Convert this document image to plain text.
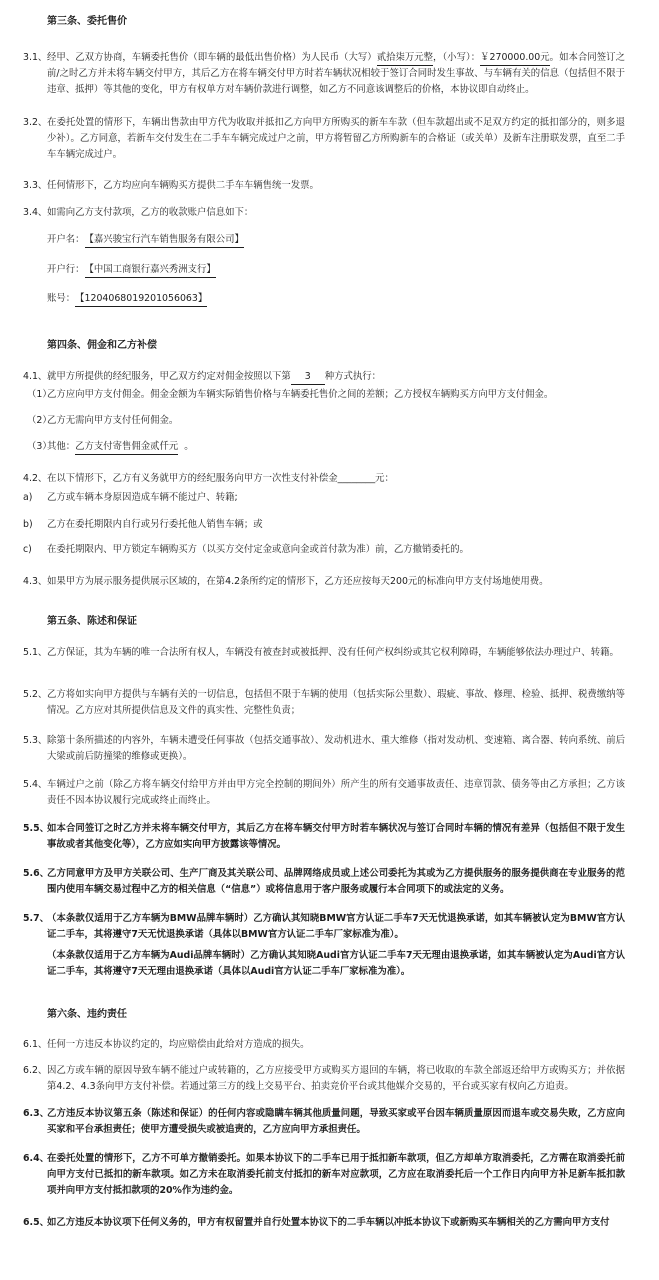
第三条、委托售价
3.1、 经甲、乙双方协商，车辆委托售价（即车辆的最低出售价格）为人民币（大写）贰拾柒万元整，（小写）：￥270000.00元。如本合同签订之前/之时乙方并未将车辆交付甲方，其后乙方在将车辆交付甲方时若车辆状况相较于签订合同时发生事故、与车辆有关的信息（包括但不限于违章、抵押）等其他的变化，甲方有权单方对车辆价款进行调整，如乙方不同意该调整后的价格，本协议即自动终止。
3.2、 在委托处置的情形下，车辆出售款由甲方代为收取并抵扣乙方向甲方所购买的新车车款（但车款超出或不足双方约定的抵扣部分的，则多退少补）。乙方同意，若新车交付发生在二手车车辆完成过户之前，甲方将暂留乙方所购新车的合格证（或关单）及新车注册联发票，直至二手车车辆完成过户。
3.3、 任何情形下，乙方均应向车辆购买方提供二手车车辆售统一发票。
3.4、 如需向乙方支付款项，乙方的收款账户信息如下：
开户名：【嘉兴骏宝行汽车销售服务有限公司】
开户行：【中国工商银行嘉兴秀洲支行】
账号：【1204068019201056063】
第四条、佣金和乙方补偿
4.1、 就甲方所提供的经纪服务，甲乙双方约定对佣金按照以下第 3 种方式执行：
（1）
乙方应向甲方支付佣金。佣金金额为车辆实际销售价格与车辆委托售价之间的差额；乙方授权车辆购买方向甲方支付佣金。
（2）
乙方无需向甲方支付任何佣金。
（3）
其他：乙方支付寄售佣金贰仟元 。
4.2、 在以下情形下，乙方有义务就甲方的经纪服务向甲方一次性支付补偿金________元：
a) 乙方或车辆本身原因造成车辆不能过户、转籍;
b) 乙方在委托期限内自行或另行委托他人销售车辆；或
c) 在委托期限内、甲方锁定车辆购买方（以买方交付定金或意向金或首付款为准）前，乙方撤销委托的。
4.3、 如果甲方为展示服务提供展示区域的，在第4.2条所约定的情形下，乙方还应按每天200元的标准向甲方支付场地使用费。
第五条、陈述和保证
5.1、 乙方保证，其为车辆的唯一合法所有权人，车辆没有被查封或被抵押、没有任何产权纠纷或其它权利障碍，车辆能够依法办理过户、转籍。
5.2、 乙方将如实向甲方提供与车辆有关的一切信息，包括但不限于车辆的使用（包括实际公里数）、瑕疵、事故、修理、检验、抵押、税费缴纳等情况。乙方应对其所提供信息及文件的真实性、完整性负责；
5.3、 除第十条所描述的内容外，车辆未遭受任何事故（包括交通事故）、发动机进水、重大维修（指对发动机、变速箱、离合器、转向系统、前后大梁或前后防撞梁的维修或更换）。
5.4、 车辆过户之前（除乙方将车辆交付给甲方并由甲方完全控制的期间外）所产生的所有交通事故责任、违章罚款、债务等由乙方承担；乙方该责任不因本协议履行完成或终止而终止。
5.5、
如本合同签订之时乙方并未将车辆交付甲方，其后乙方在将车辆交付甲方时若车辆状况与签订合同时车辆的情况有差异（包括但不限于发生事故或者其他变化等），乙方应如实向甲方披露该等情况。
5.6、
乙方同意甲方及甲方关联公司、生产厂商及其关联公司、品牌网络成员或上述公司委托为其或为乙方提供服务的服务提供商在专业服务的范围内使用车辆交易过程中乙方的相关信息（“信息”）或将信息用于客户服务或履行本合同项下的或法定的义务。
5.7、
（本条款仅适用于乙方车辆为BMW品牌车辆时）乙方确认其知晓BMW官方认证二手车7天无忧退换承诺，如其车辆被认定为BMW官方认证二手车，其将遵守7天无忧退换承诺（具体以BMW官方认证二手车厂家标准为准）。
（本条款仅适用于乙方车辆为Audi品牌车辆时）乙方确认其知晓Audi官方认证二手车7天无理由退换承诺，如其车辆被认定为Audi官方认证二手车，其将遵守7天无理由退换承诺（具体以Audi官方认证二手车厂家标准为准）。
第六条、违约责任
6.1、 任何一方违反本协议约定的，均应赔偿由此给对方造成的损失。
6.2、 因乙方或车辆的原因导致车辆不能过户或转籍的，乙方应接受甲方或购买方退回的车辆，将已收取的车款全部返还给甲方或购买方；并依据第4.2、4.3条向甲方支付补偿。若通过第三方的线上交易平台、拍卖竞价平台或其他媒介交易的，平台或买家有权向乙方追责。
6.3、
乙方违反本协议第五条（陈述和保证）的任何内容或隐瞒车辆其他质量问题，导致买家或平台因车辆质量原因而退车或交易失败，乙方应向买家和平台承担责任；使甲方遭受损失或被追责的，乙方应向甲方承担责任。
6.4、
在委托处置的情形下，乙方不可单方撤销委托。如果本协议下的二手车已用于抵扣新车款项，但乙方却单方取消委托，乙方需在取消委托前向甲方支付已抵扣的新车款项。如乙方未在取消委托前支付抵扣的新车对应款项，乙方应在取消委托后一个工作日内向甲方补足新车抵扣款项并向甲方支付抵扣款项的20%作为违约金。
6.5、
如乙方违反本协议项下任何义务的，甲方有权留置并自行处置本协议下的二手车辆以冲抵本协议下或新购买车辆相关的乙方需向甲方支付
